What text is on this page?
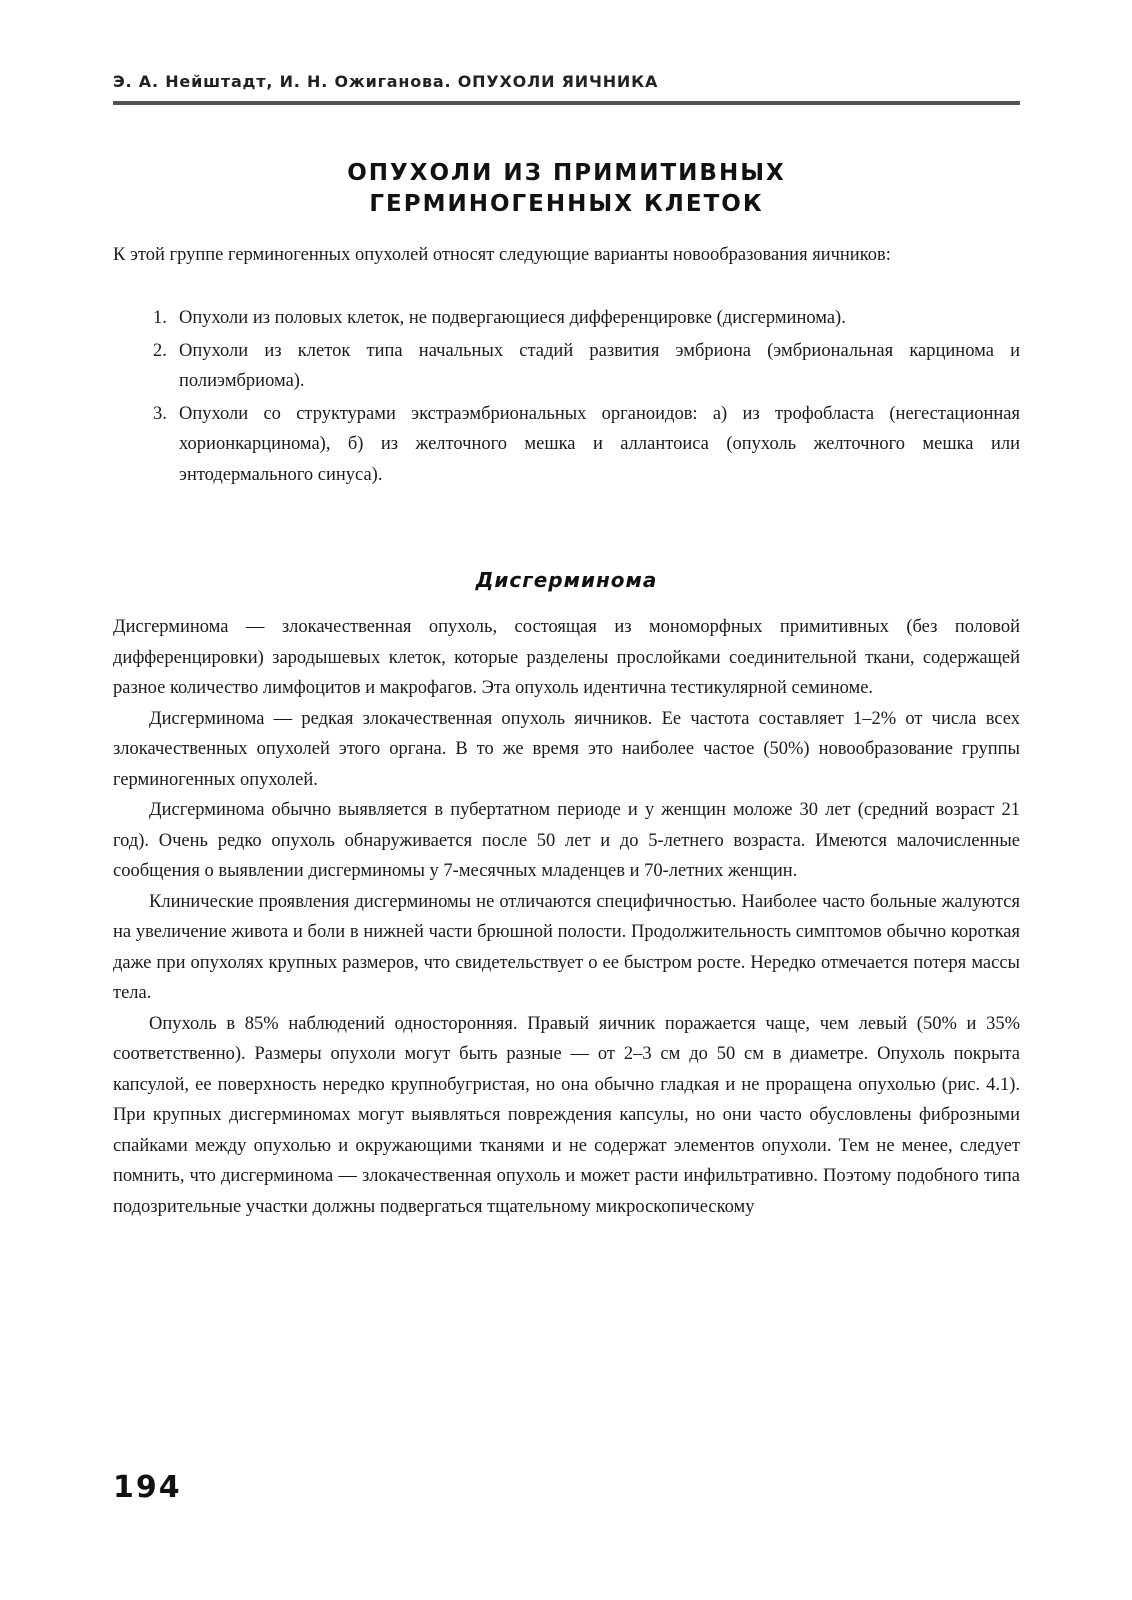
Э. А. Нейштадт, И. Н. Ожиганова. ОПУХОЛИ ЯИЧНИКА
ОПУХОЛИ ИЗ ПРИМИТИВНЫХ
ГЕРМИНОГЕННЫХ КЛЕТОК
К этой группе герминогенных опухолей относят следующие варианты новообразования яичников:
1. Опухоли из половых клеток, не подвергающиеся дифференцировке (дисгерминома).
2. Опухоли из клеток типа начальных стадий развития эмбриона (эмбриональная карцинома и полиэмбриома).
3. Опухоли со структурами экстраэмбриональных органоидов: а) из трофобласта (негестационная хорионкарцинома), б) из желточного мешка и аллантоиса (опухоль желточного мешка или энтодермального синуса).
Дисгерминома

Дисгерминома — злокачественная опухоль, состоящая из мономорфных примитивных (без половой дифференцировки) зародышевых клеток, которые разделены прослойками соединительной ткани, содержащей разное количество лимфоцитов и макрофагов. Эта опухоль идентична тестикулярной семиноме.

Дисгерминома — редкая злокачественная опухоль яичников. Ее частота составляет 1–2% от числа всех злокачественных опухолей этого органа. В то же время это наиболее частое (50%) новообразование группы герминогенных опухолей.

Дисгерминома обычно выявляется в пубертатном периоде и у женщин моложе 30 лет (средний возраст 21 год). Очень редко опухоль обнаруживается после 50 лет и до 5-летнего возраста. Имеются малочисленные сообщения о выявлении дисгерминомы у 7-месячных младенцев и 70-летних женщин.

Клинические проявления дисгерминомы не отличаются специфичностью. Наиболее часто больные жалуются на увеличение живота и боли в нижней части брюшной полости. Продолжительность симптомов обычно короткая даже при опухолях крупных размеров, что свидетельствует о ее быстром росте. Нередко отмечается потеря массы тела.

Опухоль в 85% наблюдений односторонняя. Правый яичник поражается чаще, чем левый (50% и 35% соответственно). Размеры опухоли могут быть разные — от 2–3 см до 50 см в диаметре. Опухоль покрыта капсулой, ее поверхность нередко крупнобугристая, но она обычно гладкая и не проращена опухолью (рис. 4.1). При крупных дисгерминомах могут выявляться повреждения капсулы, но они часто обусловлены фиброзными спайками между опухолью и окружающими тканями и не содержат элементов опухоли. Тем не менее, следует помнить, что дисгерминома — злокачественная опухоль и может расти инфильтративно. Поэтому подобного типа подозрительные участки должны подвергаться тщательному микроскопическому

194
